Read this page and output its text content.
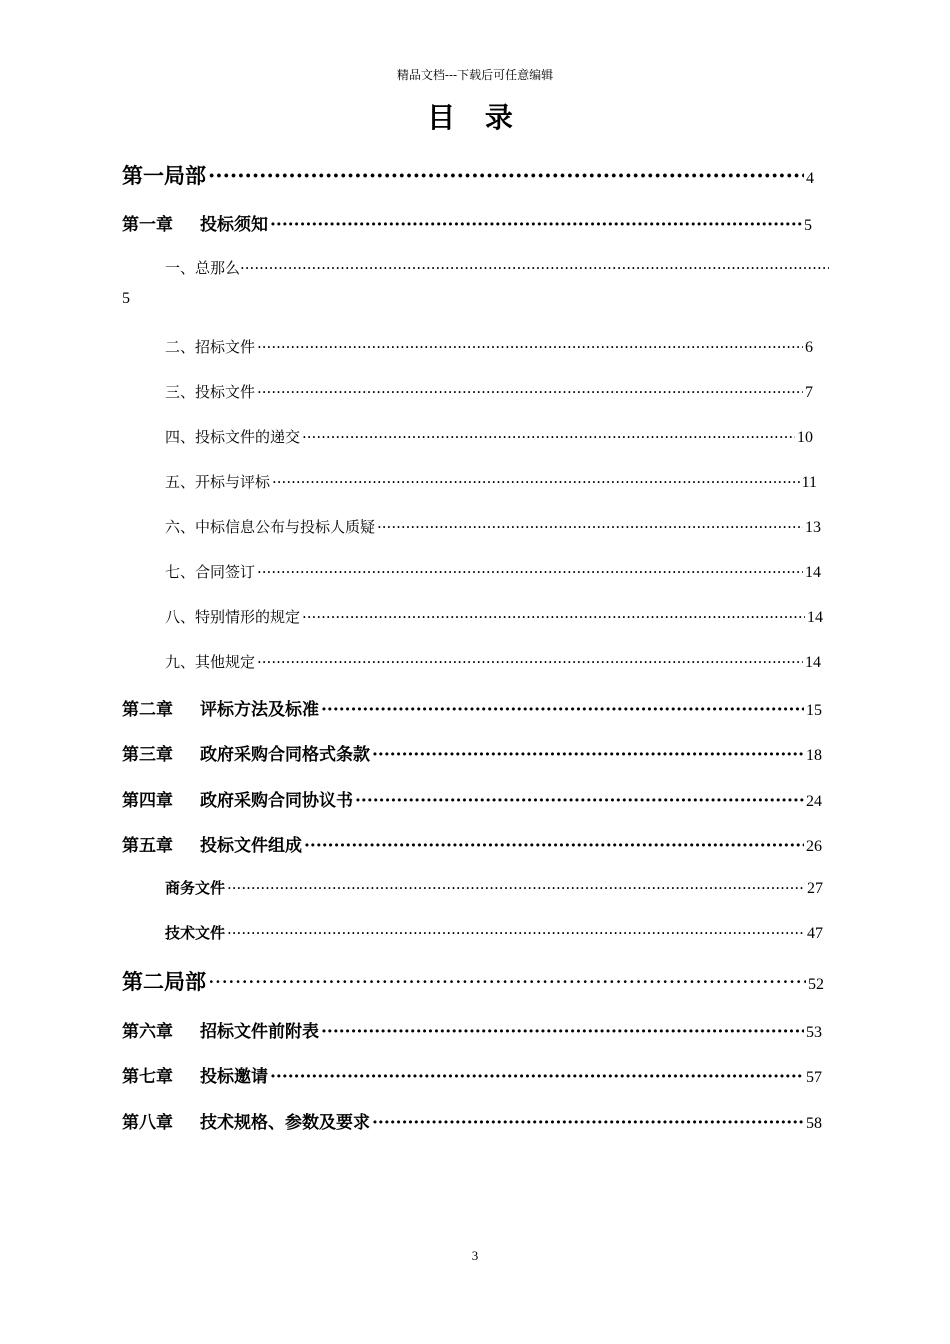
精品文档---下载后可任意编辑
目 录
第一局部 ·····	4
第一章 投标须知 ·····	5
一、总那么·····
5
二、招标文件 ·····	6
三、投标文件 ·····	7
四、投标文件的递交 ·····	10
五、开标与评标 ·····	11
六、中标信息公布与投标人质疑 ·····	13
七、合同签订 ·····	14
八、特别情形的规定 ·····	14
九、其他规定 ·····	14
第二章 评标方法及标准 ·····	15
第三章 政府采购合同格式条款 ·····	18
第四章 政府采购合同协议书 ·····	24
第五章 投标文件组成 ·····	26
商务文件 ·····	27
技术文件 ·····	47
第二局部 ·····	52
第六章 招标文件前附表 ·····	53
第七章 投标邀请 ·····	57
第八章 技术规格、参数及要求 ·····	58
3
